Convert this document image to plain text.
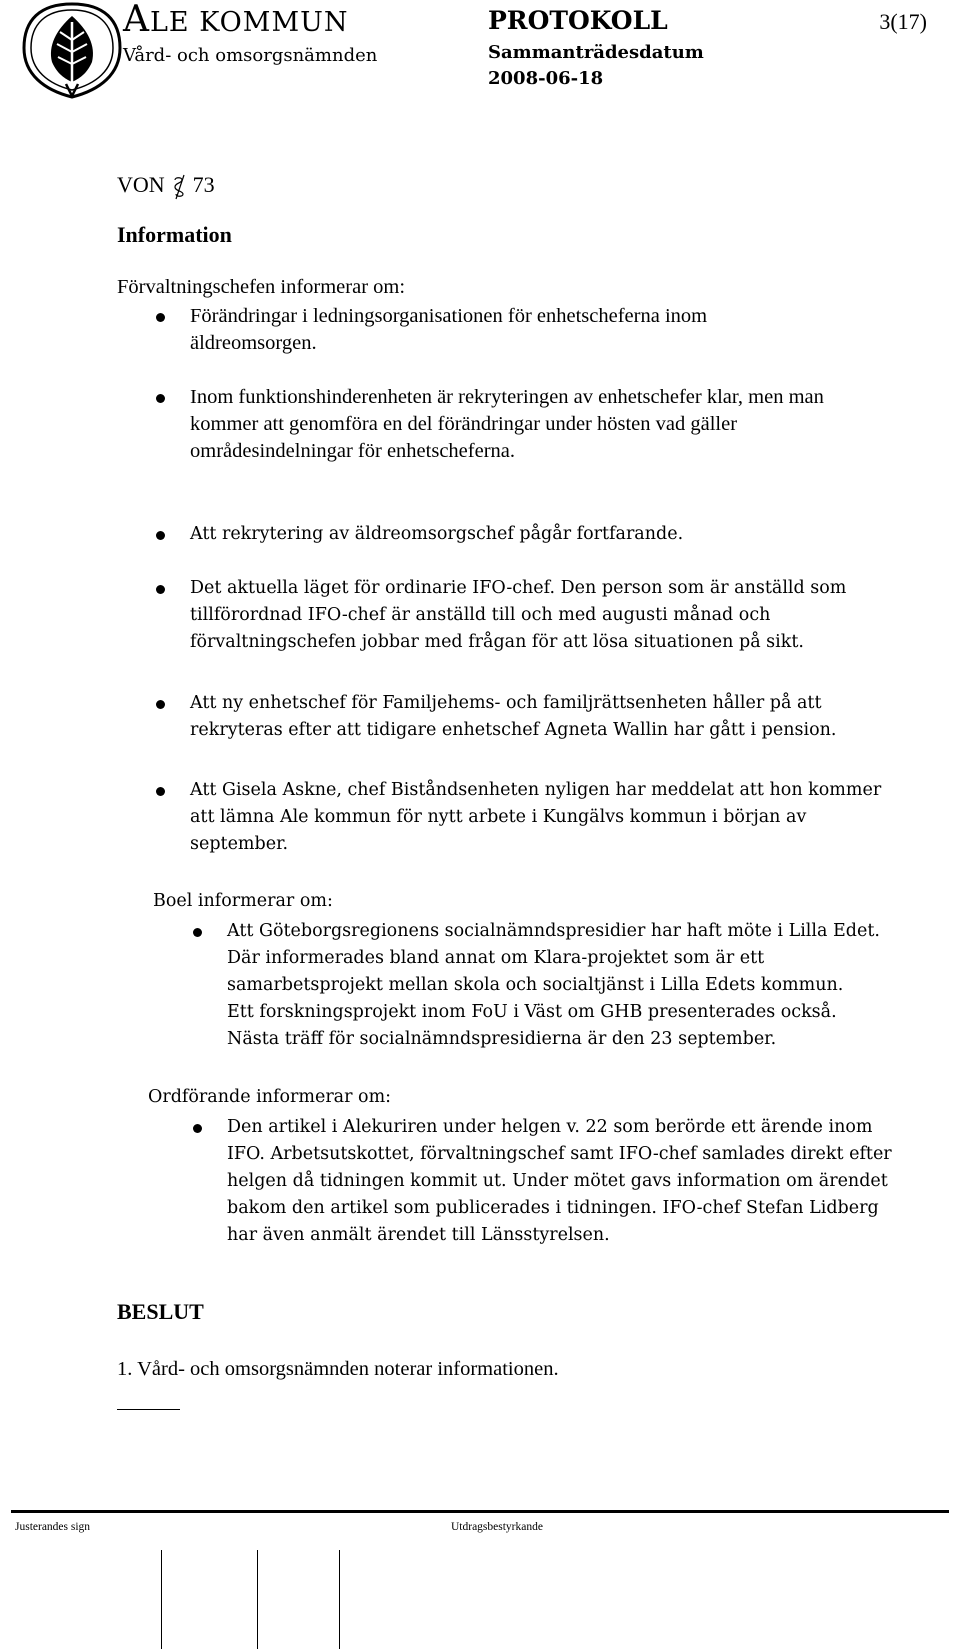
ALE KOMMUN
Vård- och omsorgsnämnden
PROTOKOLL
Sammanträdesdatum
2008-06-18
3(17)
VON 73
Information
Förvaltningschefen informerar om:
Förändringar i ledningsorganisationen för enhetscheferna inom
äldreomsorgen.
Inom funktionshinderenheten är rekryteringen av enhetschefer klar, men man
kommer att genomföra en del förändringar under hösten vad gäller
områdesindelningar för enhetscheferna.
Att rekrytering av äldreomsorgschef pågår fortfarande.
Det aktuella läget för ordinarie IFO-chef. Den person som är anställd som
tillförordnad IFO-chef är anställd till och med augusti månad och
förvaltningschefen jobbar med frågan för att lösa situationen på sikt.
Att ny enhetschef för Familjehems- och familjrättsenheten håller på att
rekryteras efter att tidigare enhetschef Agneta Wallin har gått i pension.
Att Gisela Askne, chef Biståndsenheten nyligen har meddelat att hon kommer
att lämna Ale kommun för nytt arbete i Kungälvs kommun i början av
september.
Boel informerar om:
Att Göteborgsregionens socialnämndspresidier har haft möte i Lilla Edet.
Där informerades bland annat om Klara-projektet som är ett
samarbetsprojekt mellan skola och socialtjänst i Lilla Edets kommun.
Ett forskningsprojekt inom FoU i Väst om GHB presenterades också.
Nästa träff för socialnämndspresidierna är den 23 september.
Ordförande informerar om:
Den artikel i Alekuriren under helgen v. 22 som berörde ett ärende inom
IFO. Arbetsutskottet, förvaltningschef samt IFO-chef samlades direkt efter
helgen då tidningen kommit ut. Under mötet gavs information om ärendet
bakom den artikel som publicerades i tidningen. IFO-chef Stefan Lidberg
har även anmält ärendet till Länsstyrelsen.
BESLUT
1. Vård- och omsorgsnämnden noterar informationen.
Justerandes sign	Utdragsbestyrkande
